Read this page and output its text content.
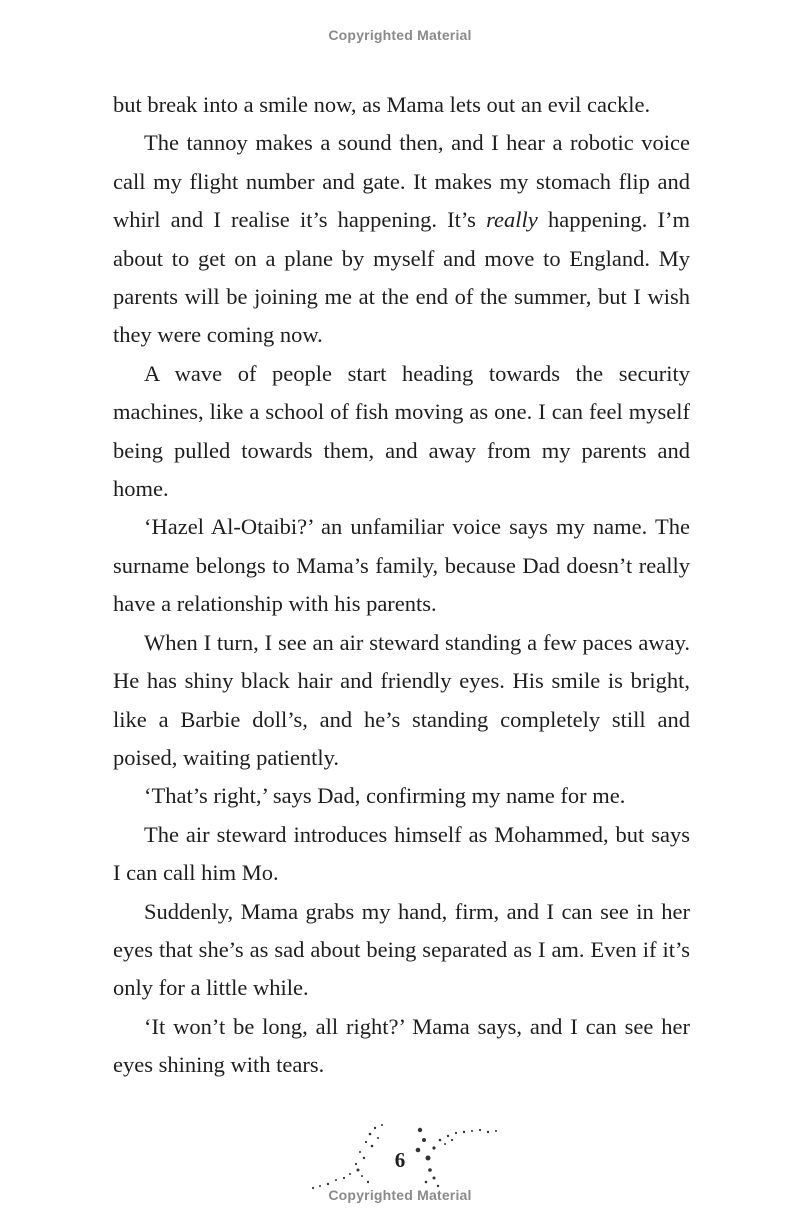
Copyrighted Material

but break into a smile now, as Mama lets out an evil cackle.

The tannoy makes a sound then, and I hear a robotic voice call my flight number and gate. It makes my stomach flip and whirl and I realise it’s happening. It’s really happening. I’m about to get on a plane by myself and move to England. My parents will be joining me at the end of the summer, but I wish they were coming now.

A wave of people start heading towards the security machines, like a school of fish moving as one. I can feel myself being pulled towards them, and away from my parents and home.

‘Hazel Al-Otaibi?’ an unfamiliar voice says my name. The surname belongs to Mama’s family, because Dad doesn’t really have a relationship with his parents.

When I turn, I see an air steward standing a few paces away. He has shiny black hair and friendly eyes. His smile is bright, like a Barbie doll’s, and he’s standing completely still and poised, waiting patiently.

‘That’s right,’ says Dad, confirming my name for me.

The air steward introduces himself as Mohammed, but says I can call him Mo.

Suddenly, Mama grabs my hand, firm, and I can see in her eyes that she’s as sad about being separated as I am. Even if it’s only for a little while.

‘It won’t be long, all right?’ Mama says, and I can see her eyes shining with tears.

6
Copyrighted Material
